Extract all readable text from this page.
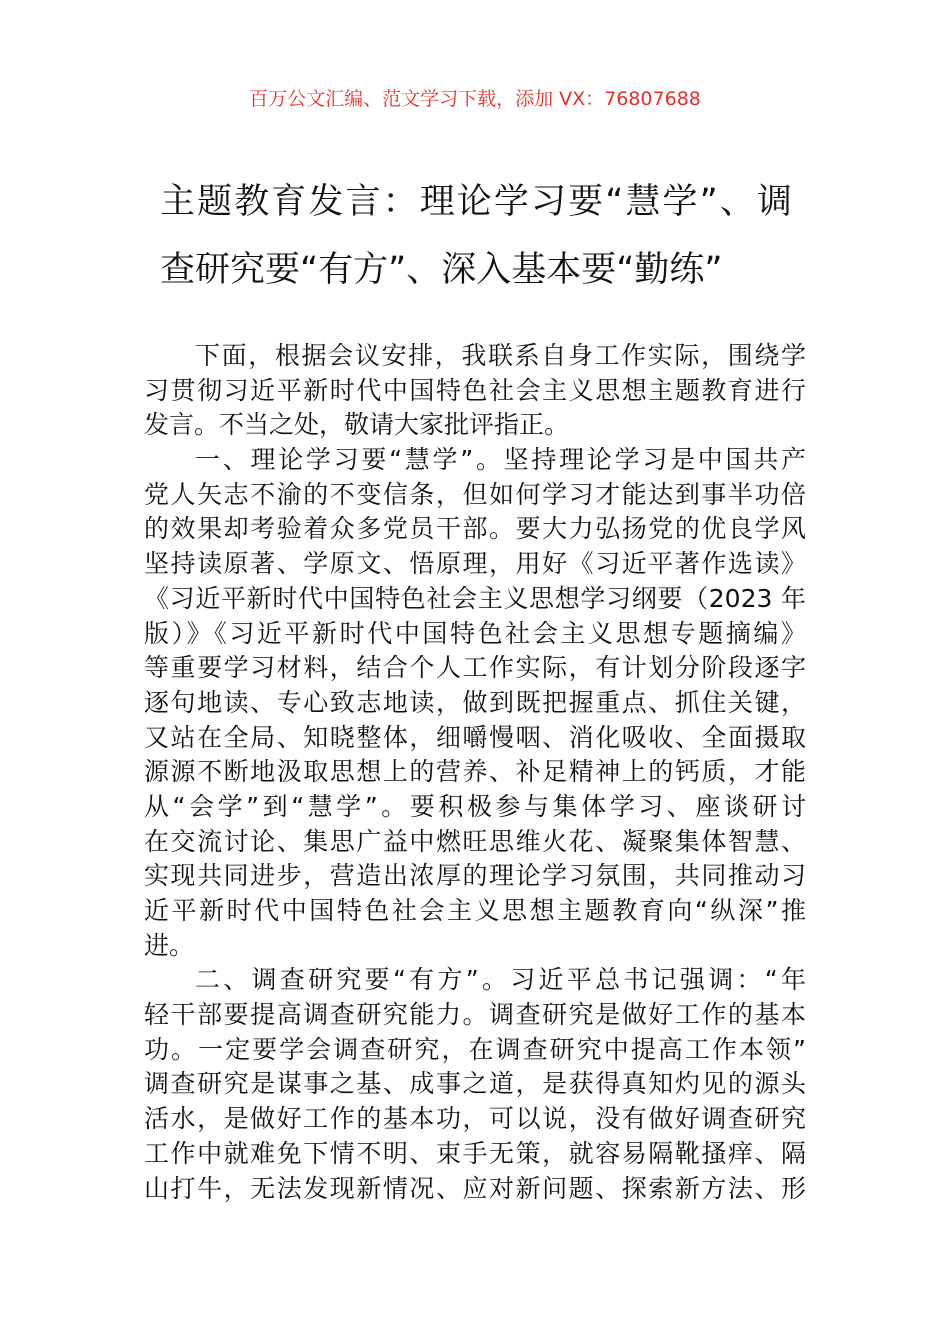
百万公文汇编、范文学习下载，添加 VX：76807688
主题教育发言：理论学习要“慧学”、调
查研究要“有方”、深入基本要“勤练”
下面，根据会议安排，我联系自身工作实际，围绕学
习贯彻习近平新时代中国特色社会主义思想主题教育进行
发言。不当之处，敬请大家批评指正。
一、理论学习要“慧学”。坚持理论学习是中国共产
党人矢志不渝的不变信条，但如何学习才能达到事半功倍
的效果却考验着众多党员干部。要大力弘扬党的优良学风
坚持读原著、学原文、悟原理，用好《习近平著作选读》
《习近平新时代中国特色社会主义思想学习纲要（2023 年
版）》《习近平新时代中国特色社会主义思想专题摘编》
等重要学习材料，结合个人工作实际，有计划分阶段逐字
逐句地读、专心致志地读，做到既把握重点、抓住关键，
又站在全局、知晓整体，细嚼慢咽、消化吸收、全面摄取
源源不断地汲取思想上的营养、补足精神上的钙质，才能
从“会学”到“慧学”。要积极参与集体学习、座谈研讨
在交流讨论、集思广益中燃旺思维火花、凝聚集体智慧、
实现共同进步，营造出浓厚的理论学习氛围，共同推动习
近平新时代中国特色社会主义思想主题教育向“纵深”推
进。
二、调查研究要“有方”。习近平总书记强调：“年
轻干部要提高调查研究能力。调查研究是做好工作的基本
功。一定要学会调查研究，在调查研究中提高工作本领”
调查研究是谋事之基、成事之道，是获得真知灼见的源头
活水，是做好工作的基本功，可以说，没有做好调查研究
工作中就难免下情不明、束手无策，就容易隔靴搔痒、隔
山打牛，无法发现新情况、应对新问题、探索新方法、形
